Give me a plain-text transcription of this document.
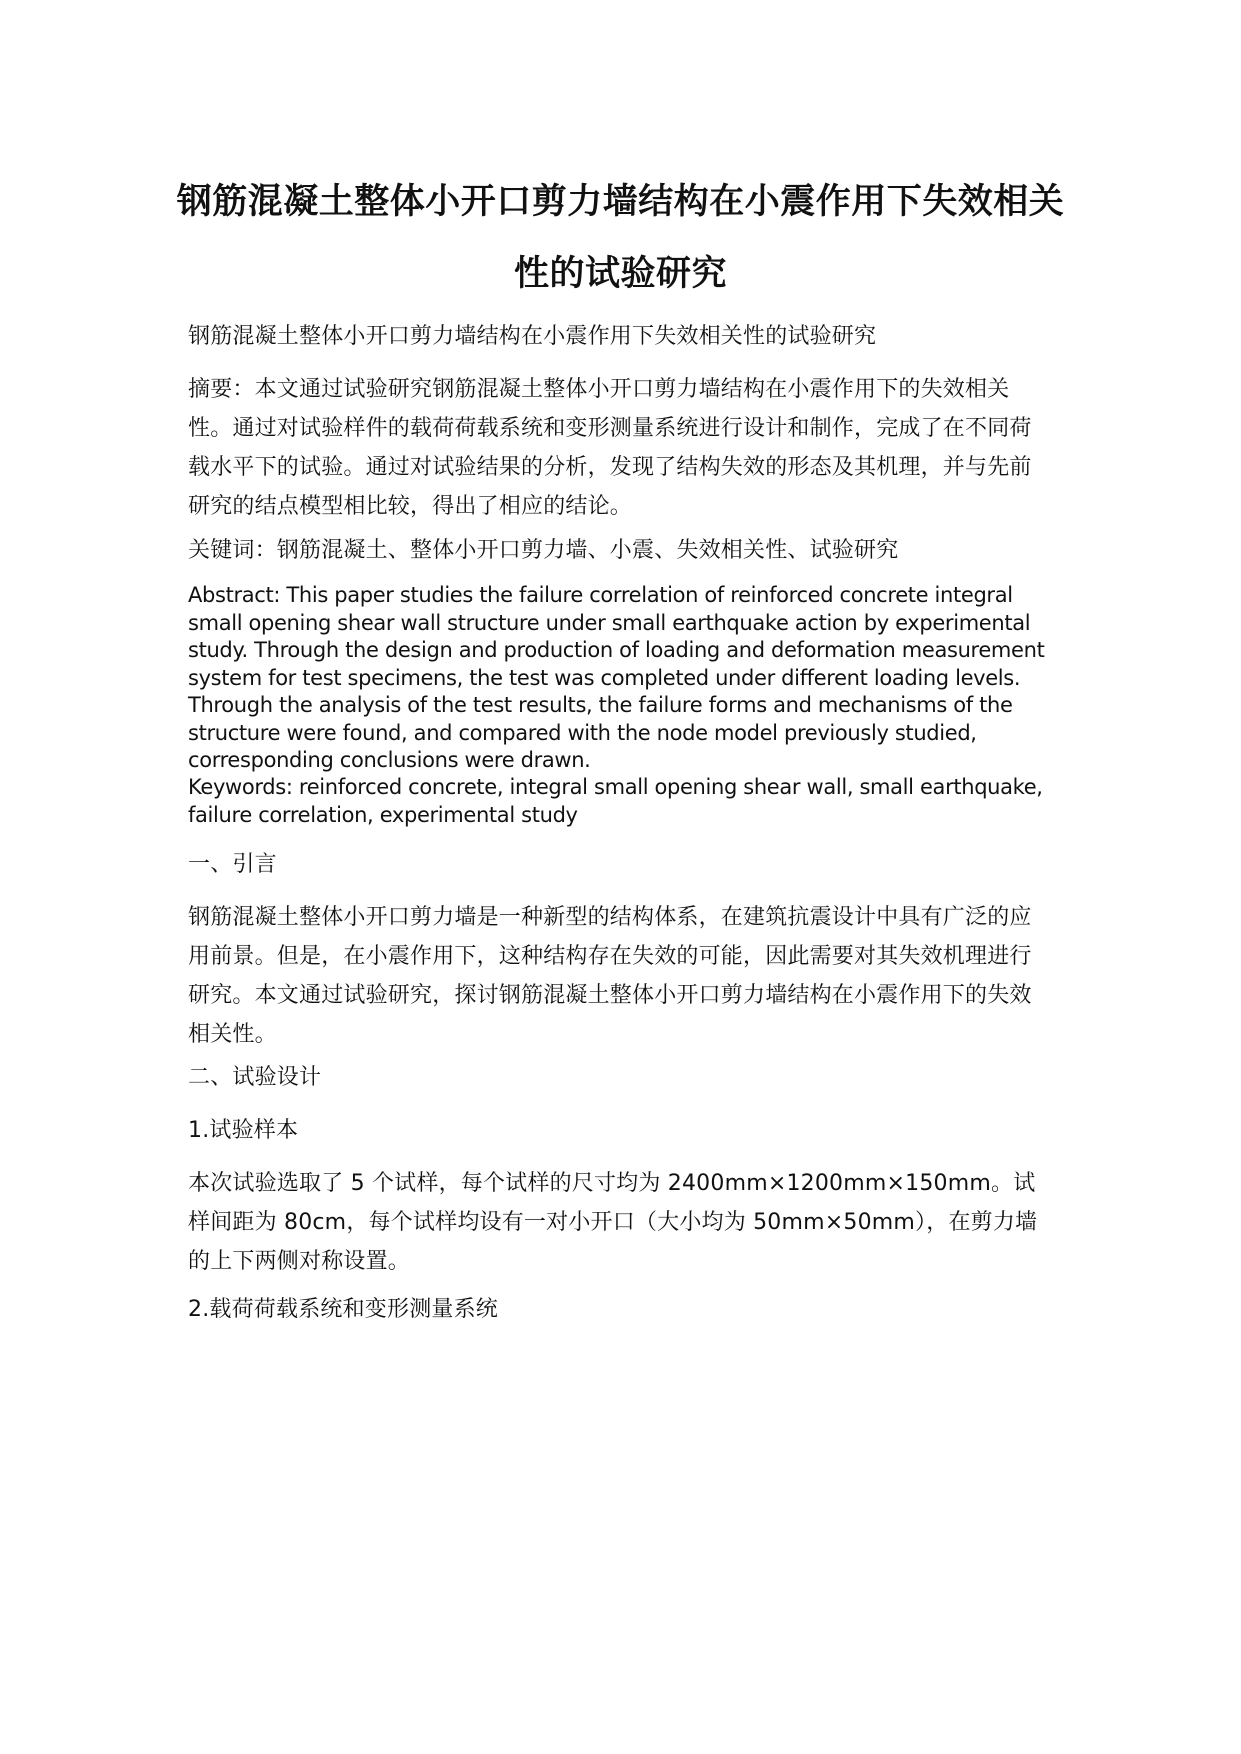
钢筋混凝土整体小开口剪力墙结构在小震作用下失效相关
性的试验研究

钢筋混凝土整体小开口剪力墙结构在小震作用下失效相关性的试验研究

摘要：本文通过试验研究钢筋混凝土整体小开口剪力墙结构在小震作用下的失效相关性。通过对试验样件的载荷荷载系统和变形测量系统进行设计和制作，完成了在不同荷载水平下的试验。通过对试验结果的分析，发现了结构失效的形态及其机理，并与先前研究的结点模型相比较，得出了相应的结论。

关键词：钢筋混凝土、整体小开口剪力墙、小震、失效相关性、试验研究

Abstract: This paper studies the failure correlation of reinforced concrete integral small opening shear wall structure under small earthquake action by experimental study. Through the design and production of loading and deformation measurement system for test specimens, the test was completed under different loading levels. Through the analysis of the test results, the failure forms and mechanisms of the structure were found, and compared with the node model previously studied, corresponding conclusions were drawn.

Keywords: reinforced concrete, integral small opening shear wall, small earthquake, failure correlation, experimental study

一、引言

钢筋混凝土整体小开口剪力墙是一种新型的结构体系，在建筑抗震设计中具有广泛的应用前景。但是，在小震作用下，这种结构存在失效的可能，因此需要对其失效机理进行研究。本文通过试验研究，探讨钢筋混凝土整体小开口剪力墙结构在小震作用下的失效相关性。

二、试验设计

1.试验样本

本次试验选取了 5 个试样，每个试样的尺寸均为 2400mm×1200mm×150mm。试样间距为 80cm，每个试样均设有一对小开口（大小均为 50mm×50mm），在剪力墙的上下两侧对称设置。

2.载荷荷载系统和变形测量系统
